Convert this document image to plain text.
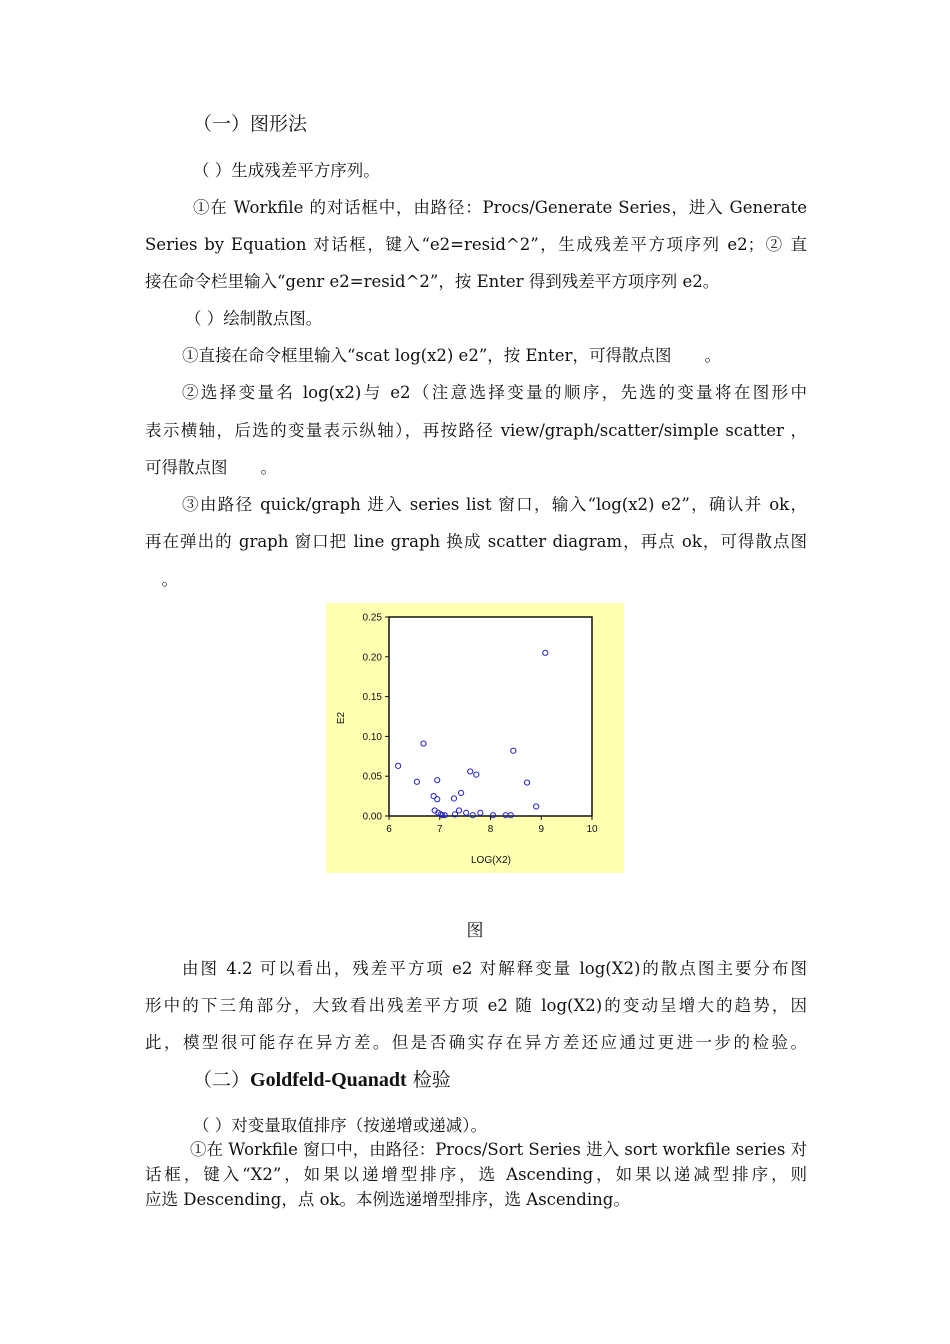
（一）图形法
（ ）生成残差平方序列。
①在 Workfile 的对话框中，由路径：Procs/Generate Series，进入 Generate
Series by Equation 对话框，键入“e2=resid^2”，生成残差平方项序列 e2；② 直
接在命令栏里输入“genr e2=resid^2”，按 Enter 得到残差平方项序列 e2。
（ ）绘制散点图。
①直接在命令框里输入“scat log(x2) e2”，按 Enter，可得散点图　　。
②选择变量名 log(x2)与 e2（注意选择变量的顺序，先选的变量将在图形中
表示横轴，后选的变量表示纵轴），再按路径 view/graph/scatter/simple scatter ，
可得散点图　　。
③由路径 quick/graph 进入 series list 窗口，输入“log(x2) e2”，确认并 ok，
再在弹出的 graph 窗口把 line graph 换成 scatter diagram，再点 ok，可得散点图
　。
6	7	8	9	10
0.00
0.05
0.10
0.15
0.20
0.25
LOG(X2)
E2
图
由图 4.2 可以看出，残差平方项 e2 对解释变量 log(X2)的散点图主要分布图
形中的下三角部分，大致看出残差平方项 e2 随 log(X2)的变动呈增大的趋势，因
此，模型很可能存在异方差。但是否确实存在异方差还应通过更进一步的检验。
（二）Goldfeld-Quanadt 检验
（ ）对变量取值排序（按递增或递减）。
①在 Workfile 窗口中，由路径：Procs/Sort Series 进入 sort workfile series 对
话框，键入“X2”，如果以递增型排序，选 Ascending，如果以递减型排序，则
应选 Descending，点 ok。本例选递增型排序，选 Ascending。
